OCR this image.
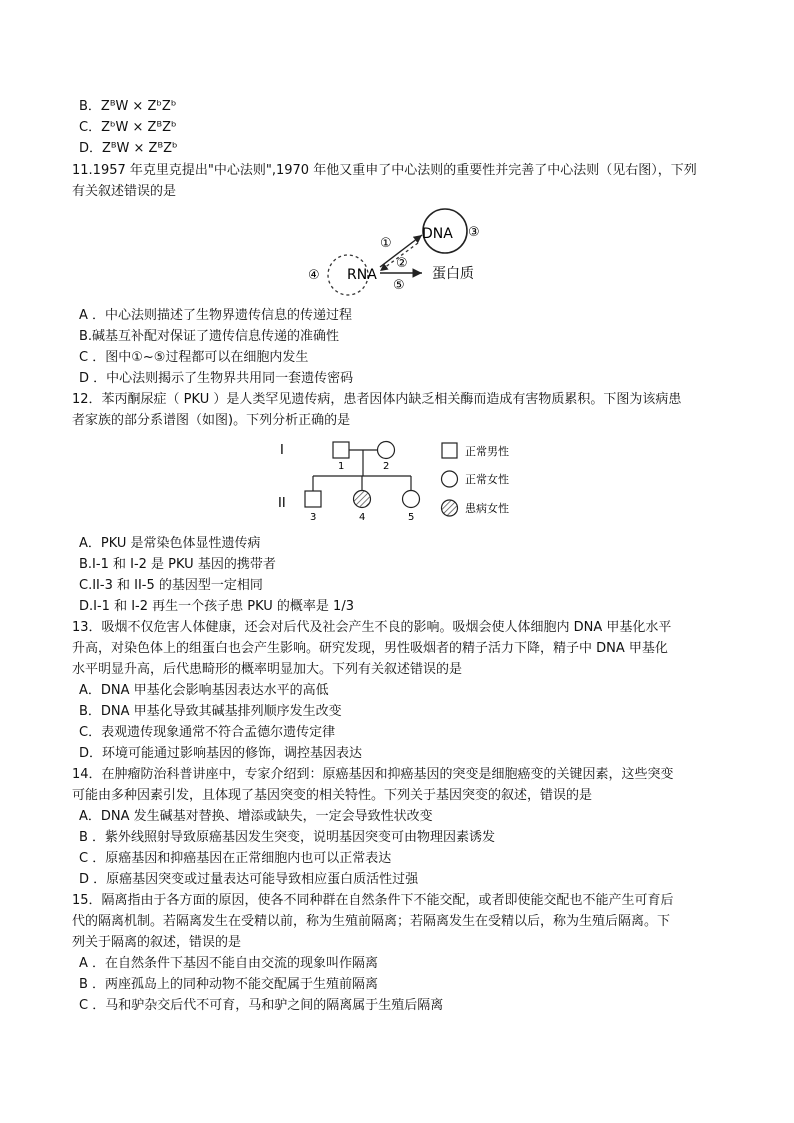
B．ZᴮW × ZᵇZᵇ
C．ZᵇW × ZᴮZᵇ
D．ZᴮW × ZᴮZᵇ
11.1957 年克里克提出"中心法则",1970 年他又重申了中心法则的重要性并完善了中心法则（见右图），下列
有关叙述错误的是
DNA
RNA	蛋白质
①
②
③
④
⑤
A ．中心法则描述了生物界遗传信息的传递过程
B.碱基互补配对保证了遗传信息传递的准确性
C ．图中①~⑤过程都可以在细胞内发生
D ．中心法则揭示了生物界共用同一套遗传密码
12．苯丙酮尿症（ PKU ）是人类罕见遗传病，患者因体内缺乏相关酶而造成有害物质累积。下图为该病患
者家族的部分系谱图（如图)。下列分析正确的是
I
II
1	2
3	4	5
正常男性
正常女性
患病女性
A．PKU 是常染色体显性遗传病
B.I-1 和 I-2 是 PKU 基因的携带者
C.II-3 和 II-5 的基因型一定相同
D.I-1 和 I-2 再生一个孩子患 PKU 的概率是 1/3
13．吸烟不仅危害人体健康，还会对后代及社会产生不良的影响。吸烟会使人体细胞内 DNA 甲基化水平
升高，对染色体上的组蛋白也会产生影响。研究发现，男性吸烟者的精子活力下降，精子中 DNA 甲基化
水平明显升高，后代患畸形的概率明显加大。下列有关叙述错误的是
A．DNA 甲基化会影响基因表达水平的高低
B．DNA 甲基化导致其碱基排列顺序发生改变
C．表观遗传现象通常不符合孟德尔遗传定律
D．环境可能通过影响基因的修饰，调控基因表达
14．在肿瘤防治科普讲座中，专家介绍到：原癌基因和抑癌基因的突变是细胞癌变的关键因素，这些突变
可能由多种因素引发，且体现了基因突变的相关特性。下列关于基因突变的叙述，错误的是
A．DNA 发生碱基对替换、增添或缺失，一定会导致性状改变
B ．紫外线照射导致原癌基因发生突变，说明基因突变可由物理因素诱发
C ．原癌基因和抑癌基因在正常细胞内也可以正常表达
D ．原癌基因突变或过量表达可能导致相应蛋白质活性过强
15．隔离指由于各方面的原因，使各不同种群在自然条件下不能交配，或者即使能交配也不能产生可育后
代的隔离机制。若隔离发生在受精以前，称为生殖前隔离；若隔离发生在受精以后，称为生殖后隔离。下
列关于隔离的叙述，错误的是
A ．在自然条件下基因不能自由交流的现象叫作隔离
B ．两座孤岛上的同种动物不能交配属于生殖前隔离
C ．马和驴杂交后代不可育，马和驴之间的隔离属于生殖后隔离
